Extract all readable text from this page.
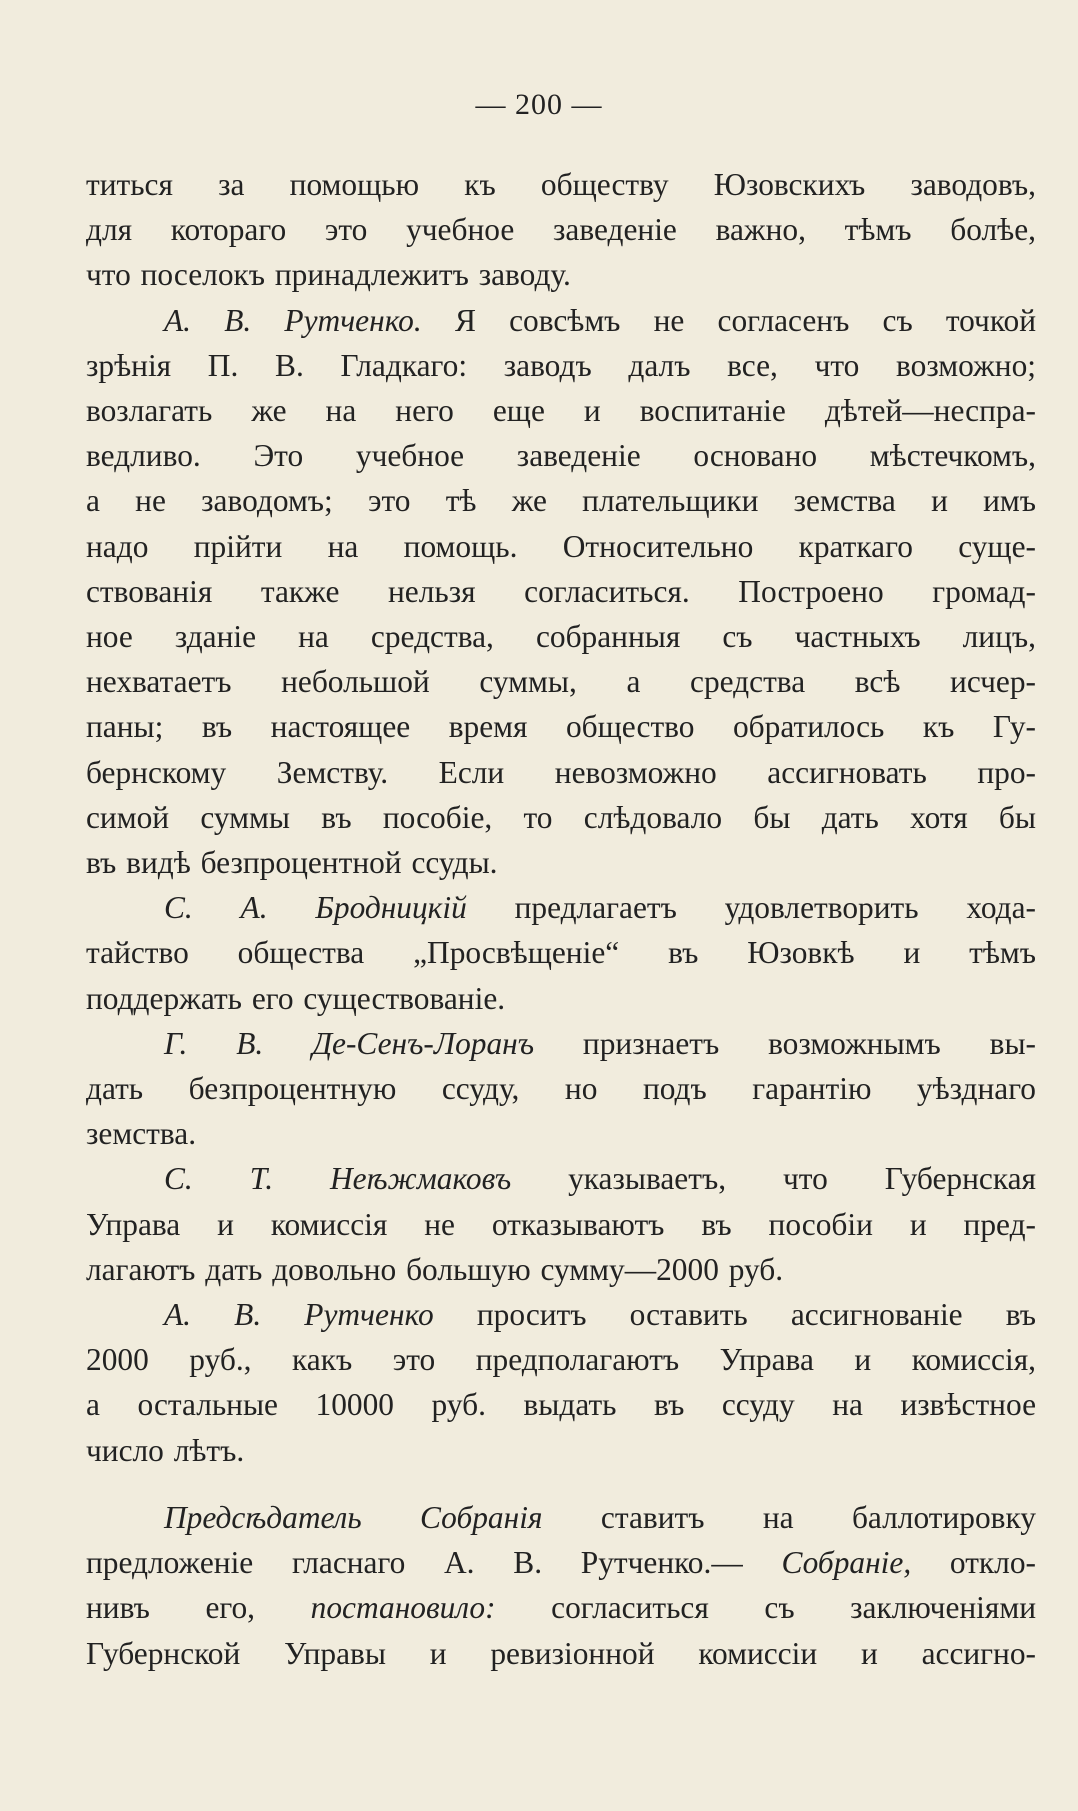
— 200 —

титься за помощью къ обществу Юзовскихъ заводовъ,

для котораго это учебное заведеніе важно, тѣмъ болѣе,

что поселокъ принадлежитъ заводу.

А. В. Рутченко. Я совсѣмъ не согласенъ съ точкой

зрѣнія П. В. Гладкаго: заводъ далъ все, что возможно;

возлагать же на него еще и воспитаніе дѣтей—неспра-

ведливо. Это учебное заведеніе основано мѣстечкомъ,

а не заводомъ; это тѣ же плательщики земства и имъ

надо прійти на помощь. Относительно краткаго суще-

ствованія также нельзя согласиться. Построено громад-

ное зданіе на средства, собранныя съ частныхъ лицъ,

нехватаетъ небольшой суммы, а средства всѣ исчер-

паны; въ настоящее время общество обратилось къ Гу-

бернскому Земству. Если невозможно ассигновать про-

симой суммы въ пособіе, то слѣдовало бы дать хотя бы

въ видѣ безпроцентной ссуды.

С. А. Бродницкій предлагаетъ удовлетворить хода-

тайство общества „Просвѣщеніе“ въ Юзовкѣ и тѣмъ

поддержать его существованіе.

Г. В. Де-Сенъ-Лоранъ признаетъ возможнымъ вы-

дать безпроцентную ссуду, но подъ гарантію уѣзднаго

земства.

С. Т. Неѣжмаковъ указываетъ, что Губернская

Управа и комиссія не отказываютъ въ пособіи и пред-

лагаютъ дать довольно большую сумму—2000 руб.

А. В. Рутченко проситъ оставить ассигнованіе въ

2000 руб., какъ это предполагаютъ Управа и комиссія,

а остальные 10000 руб. выдать въ ссуду на извѣстное

число лѣтъ.

Предсѣдатель Собранія ставитъ на баллотировку

предложеніе гласнаго А. В. Рутченко.— Собраніе, откло-

нивъ его, постановило: согласиться съ заключеніями

Губернской Управы и ревизіонной комиссіи и ассигно-
